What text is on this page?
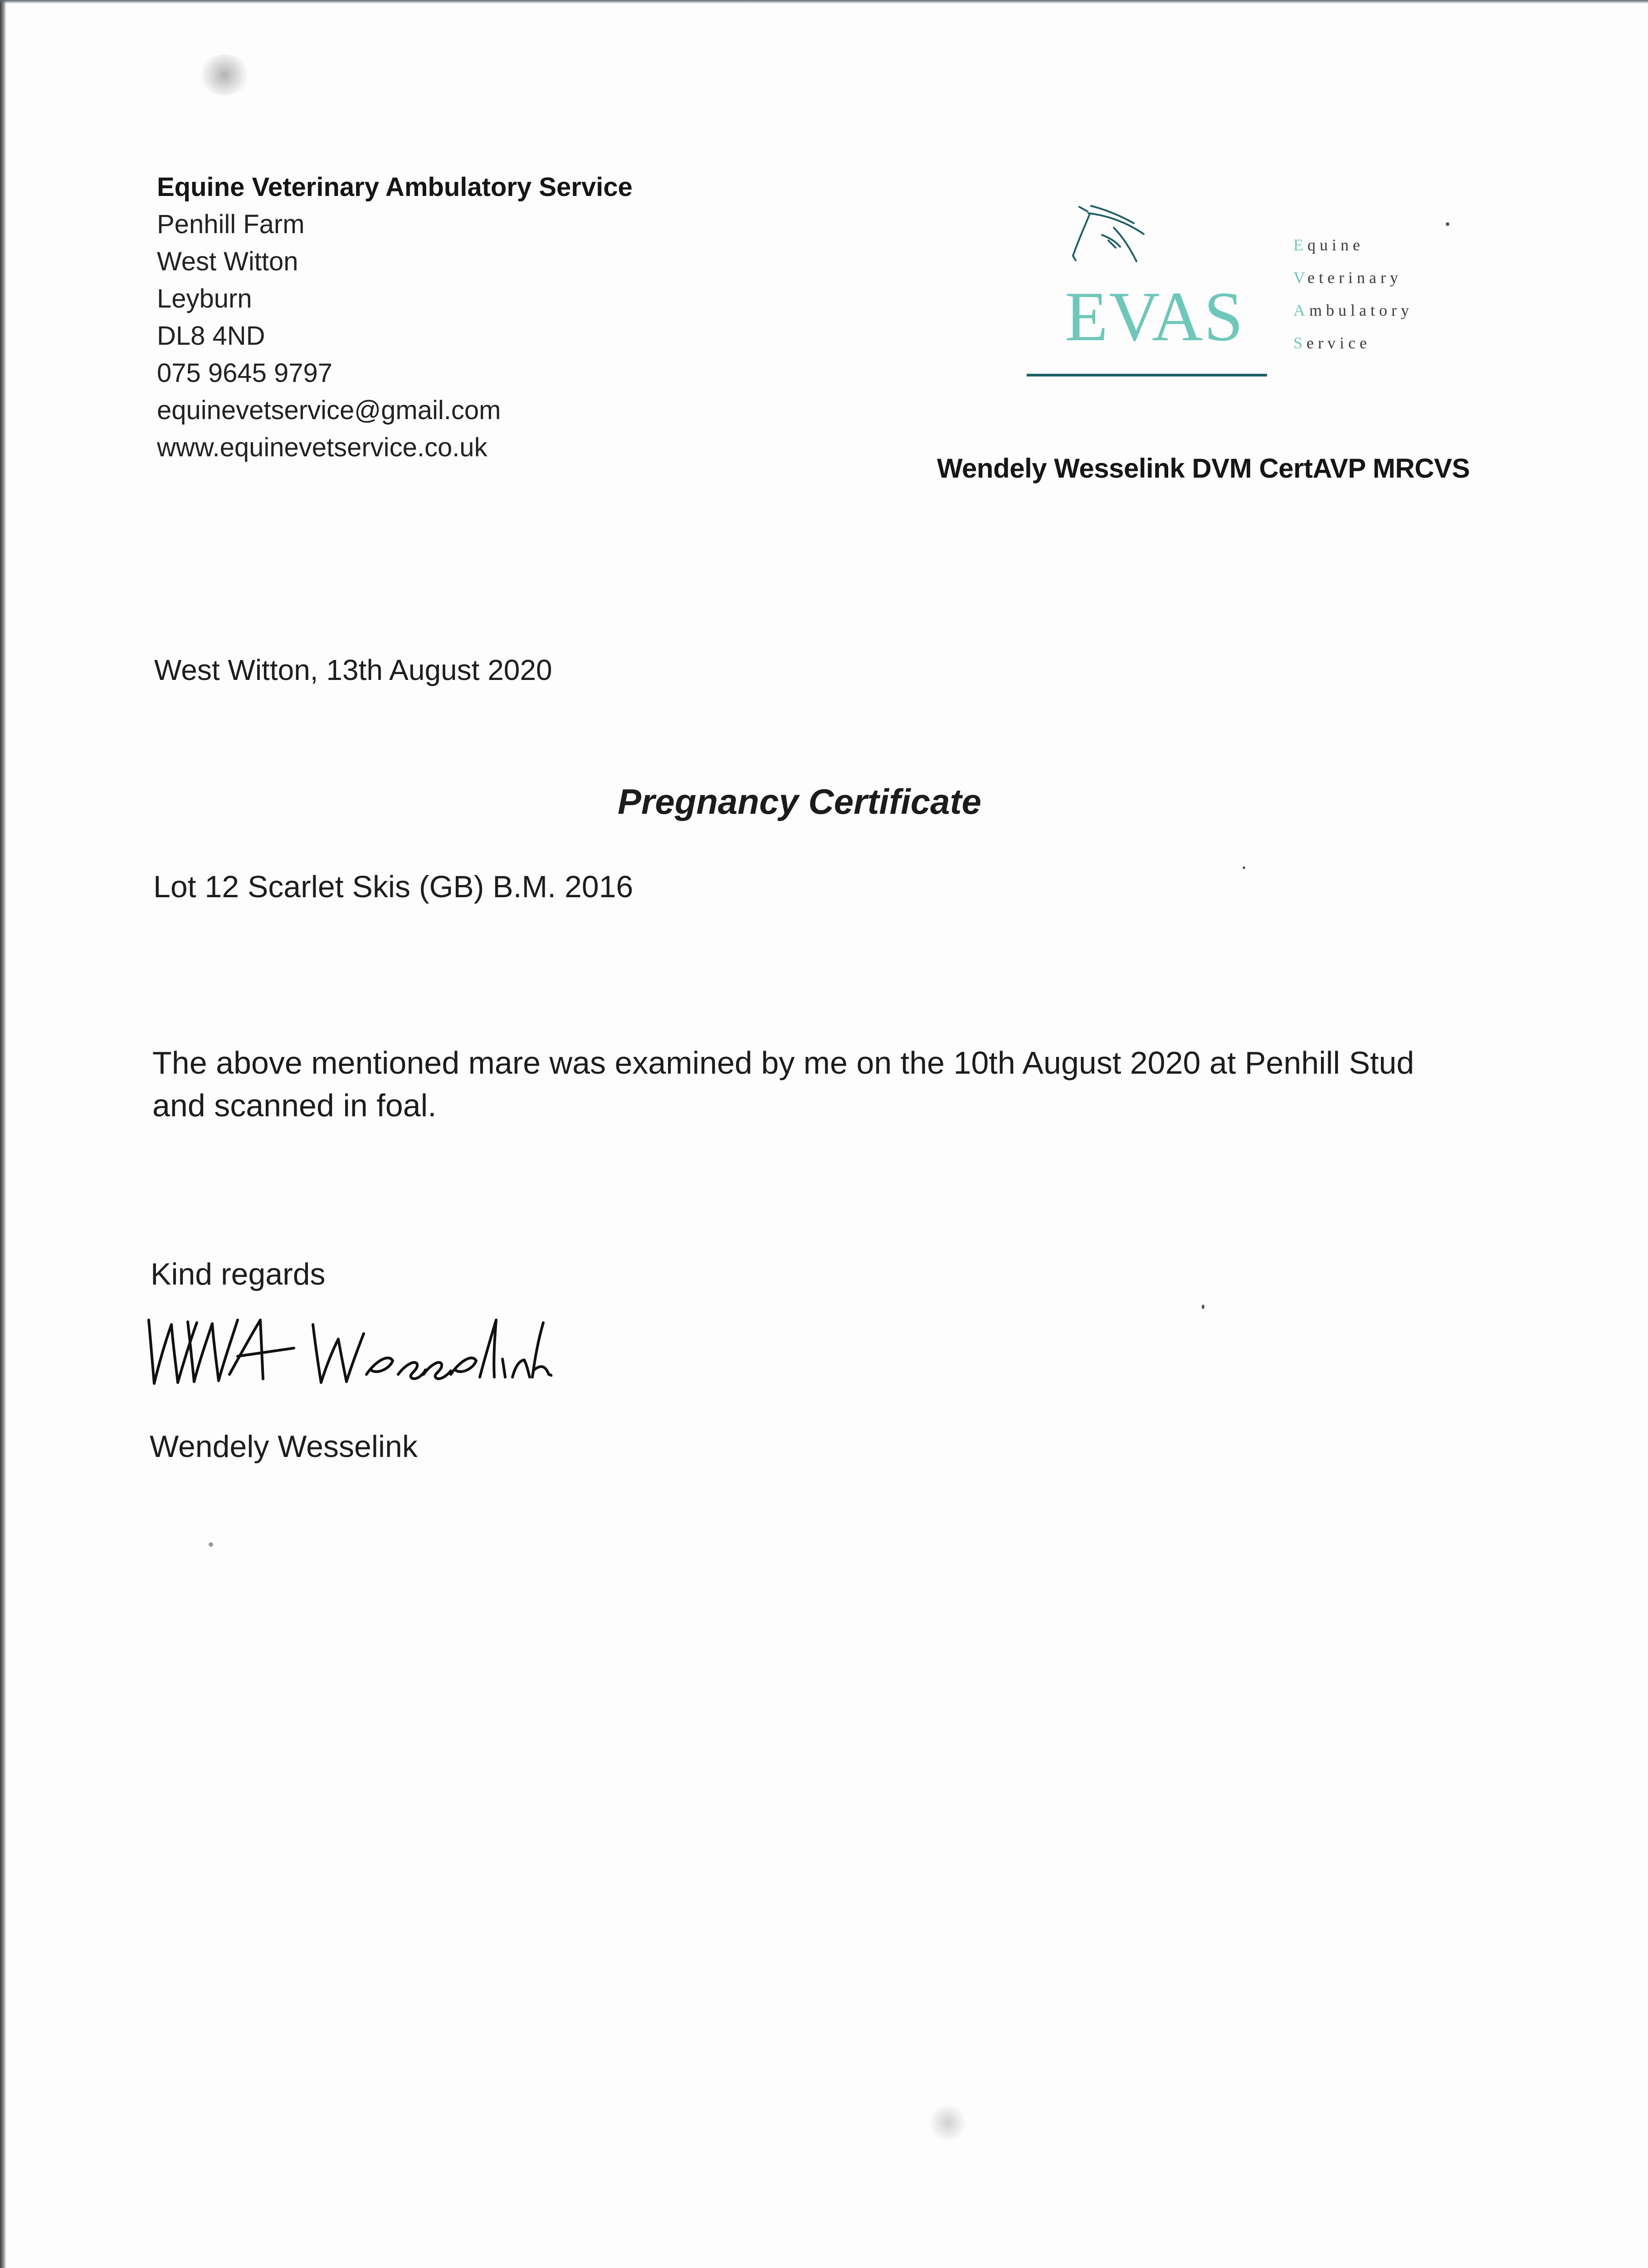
Equine Veterinary Ambulatory Service
Penhill Farm
West Witton
Leyburn
DL8 4ND
075 9645 9797
equinevetservice@gmail.com
www.equinevetservice.co.uk
EVAS
Equine
Veterinary
Ambulatory
Service
Wendely Wesselink DVM CertAVP MRCVS
West Witton, 13th August 2020
Pregnancy Certificate
Lot 12 Scarlet Skis (GB) B.M. 2016
The above mentioned mare was examined by me on the 10th August 2020 at Penhill Stud
and scanned in foal.
Kind regards
Wendely Wesselink
